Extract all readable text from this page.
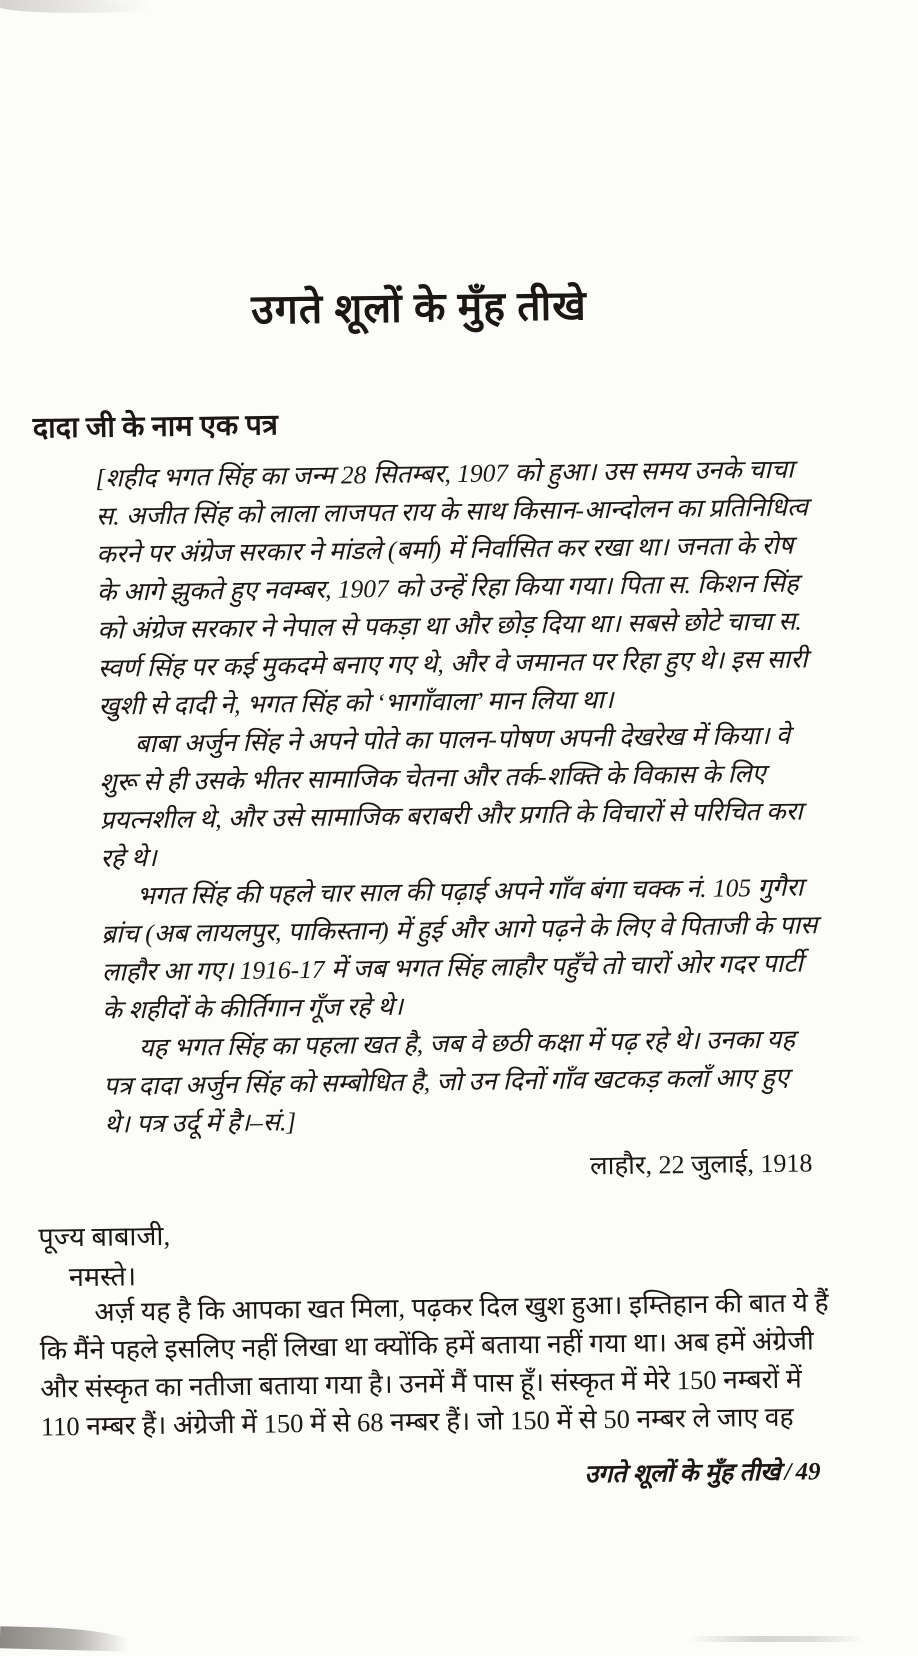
उगते शूलों के मुँह तीखे
दादा जी के नाम एक पत्र
[शहीद भगत सिंह का जन्म 28 सितम्बर, 1907 को हुआ। उस समय उनके चाचा
स. अजीत सिंह को लाला लाजपत राय के साथ किसान-आन्दोलन का प्रतिनिधित्व
करने पर अंग्रेज सरकार ने मांडले (बर्मा) में निर्वासित कर रखा था। जनता के रोष
के आगे झुकते हुए नवम्बर, 1907 को उन्हें रिहा किया गया। पिता स. किशन सिंह
को अंग्रेज सरकार ने नेपाल से पकड़ा था और छोड़ दिया था। सबसे छोटे चाचा स.
स्वर्ण सिंह पर कई मुकदमे बनाए गए थे, और वे जमानत पर रिहा हुए थे। इस सारी
खुशी से दादी ने, भगत सिंह को ‘भागाँवाला’ मान लिया था।
बाबा अर्जुन सिंह ने अपने पोते का पालन-पोषण अपनी देखरेख में किया। वे
शुरू से ही उसके भीतर सामाजिक चेतना और तर्क-शक्ति के विकास के लिए
प्रयत्नशील थे, और उसे सामाजिक बराबरी और प्रगति के विचारों से परिचित करा
रहे थे।
भगत सिंह की पहले चार साल की पढ़ाई अपने गाँव बंगा चक्क नं. 105 गुगैरा
ब्रांच (अब लायलपुर, पाकिस्तान) में हुई और आगे पढ़ने के लिए वे पिताजी के पास
लाहौर आ गए। 1916-17 में जब भगत सिंह लाहौर पहुँचे तो चारों ओर गदर पार्टी
के शहीदों के कीर्तिगान गूँज रहे थे।
यह भगत सिंह का पहला खत है, जब वे छठी कक्षा में पढ़ रहे थे। उनका यह
पत्र दादा अर्जुन सिंह को सम्बोधित है, जो उन दिनों गाँव खटकड़ कलाँ आए हुए
थे। पत्र उर्दू में है।–सं.]
लाहौर, 22 जुलाई, 1918
पूज्य बाबाजी,
नमस्ते।
अर्ज़ यह है कि आपका खत मिला, पढ़कर दिल खुश हुआ। इम्तिहान की बात ये हैं
कि मैंने पहले इसलिए नहीं लिखा था क्योंकि हमें बताया नहीं गया था। अब हमें अंग्रेजी
और संस्कृत का नतीजा बताया गया है। उनमें मैं पास हूँ। संस्कृत में मेरे 150 नम्बरों में
110 नम्बर हैं। अंग्रेजी में 150 में से 68 नम्बर हैं। जो 150 में से 50 नम्बर ले जाए वह
उगते शूलों के मुँह तीखे / 49
